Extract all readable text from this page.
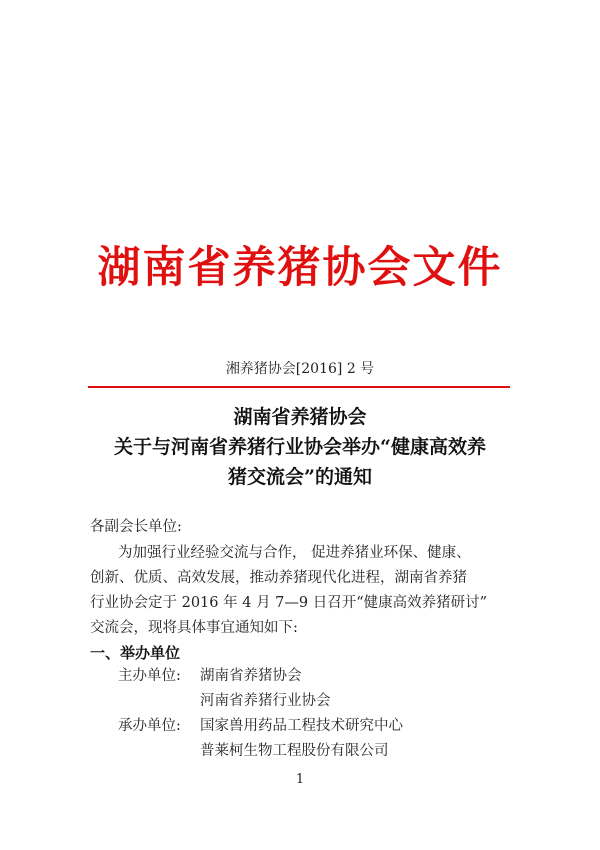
湖南省养猪协会文件
湘养猪协会[2016] 2 号
湖南省养猪协会
关于与河南省养猪行业协会举办“健康高效养
猪交流会”的通知
各副会长单位:
为加强行业经验交流与合作， 促进养猪业环保、健康、
创新、优质、高效发展，推动养猪现代化进程，湖南省养猪
行业协会定于 2016 年 4 月 7—9 日召开“健康高效养猪研讨”
交流会，现将具体事宜通知如下:
一、举办单位
主办单位: 湖南省养猪协会
河南省养猪行业协会
承办单位: 国家兽用药品工程技术研究中心
普莱柯生物工程股份有限公司
1
